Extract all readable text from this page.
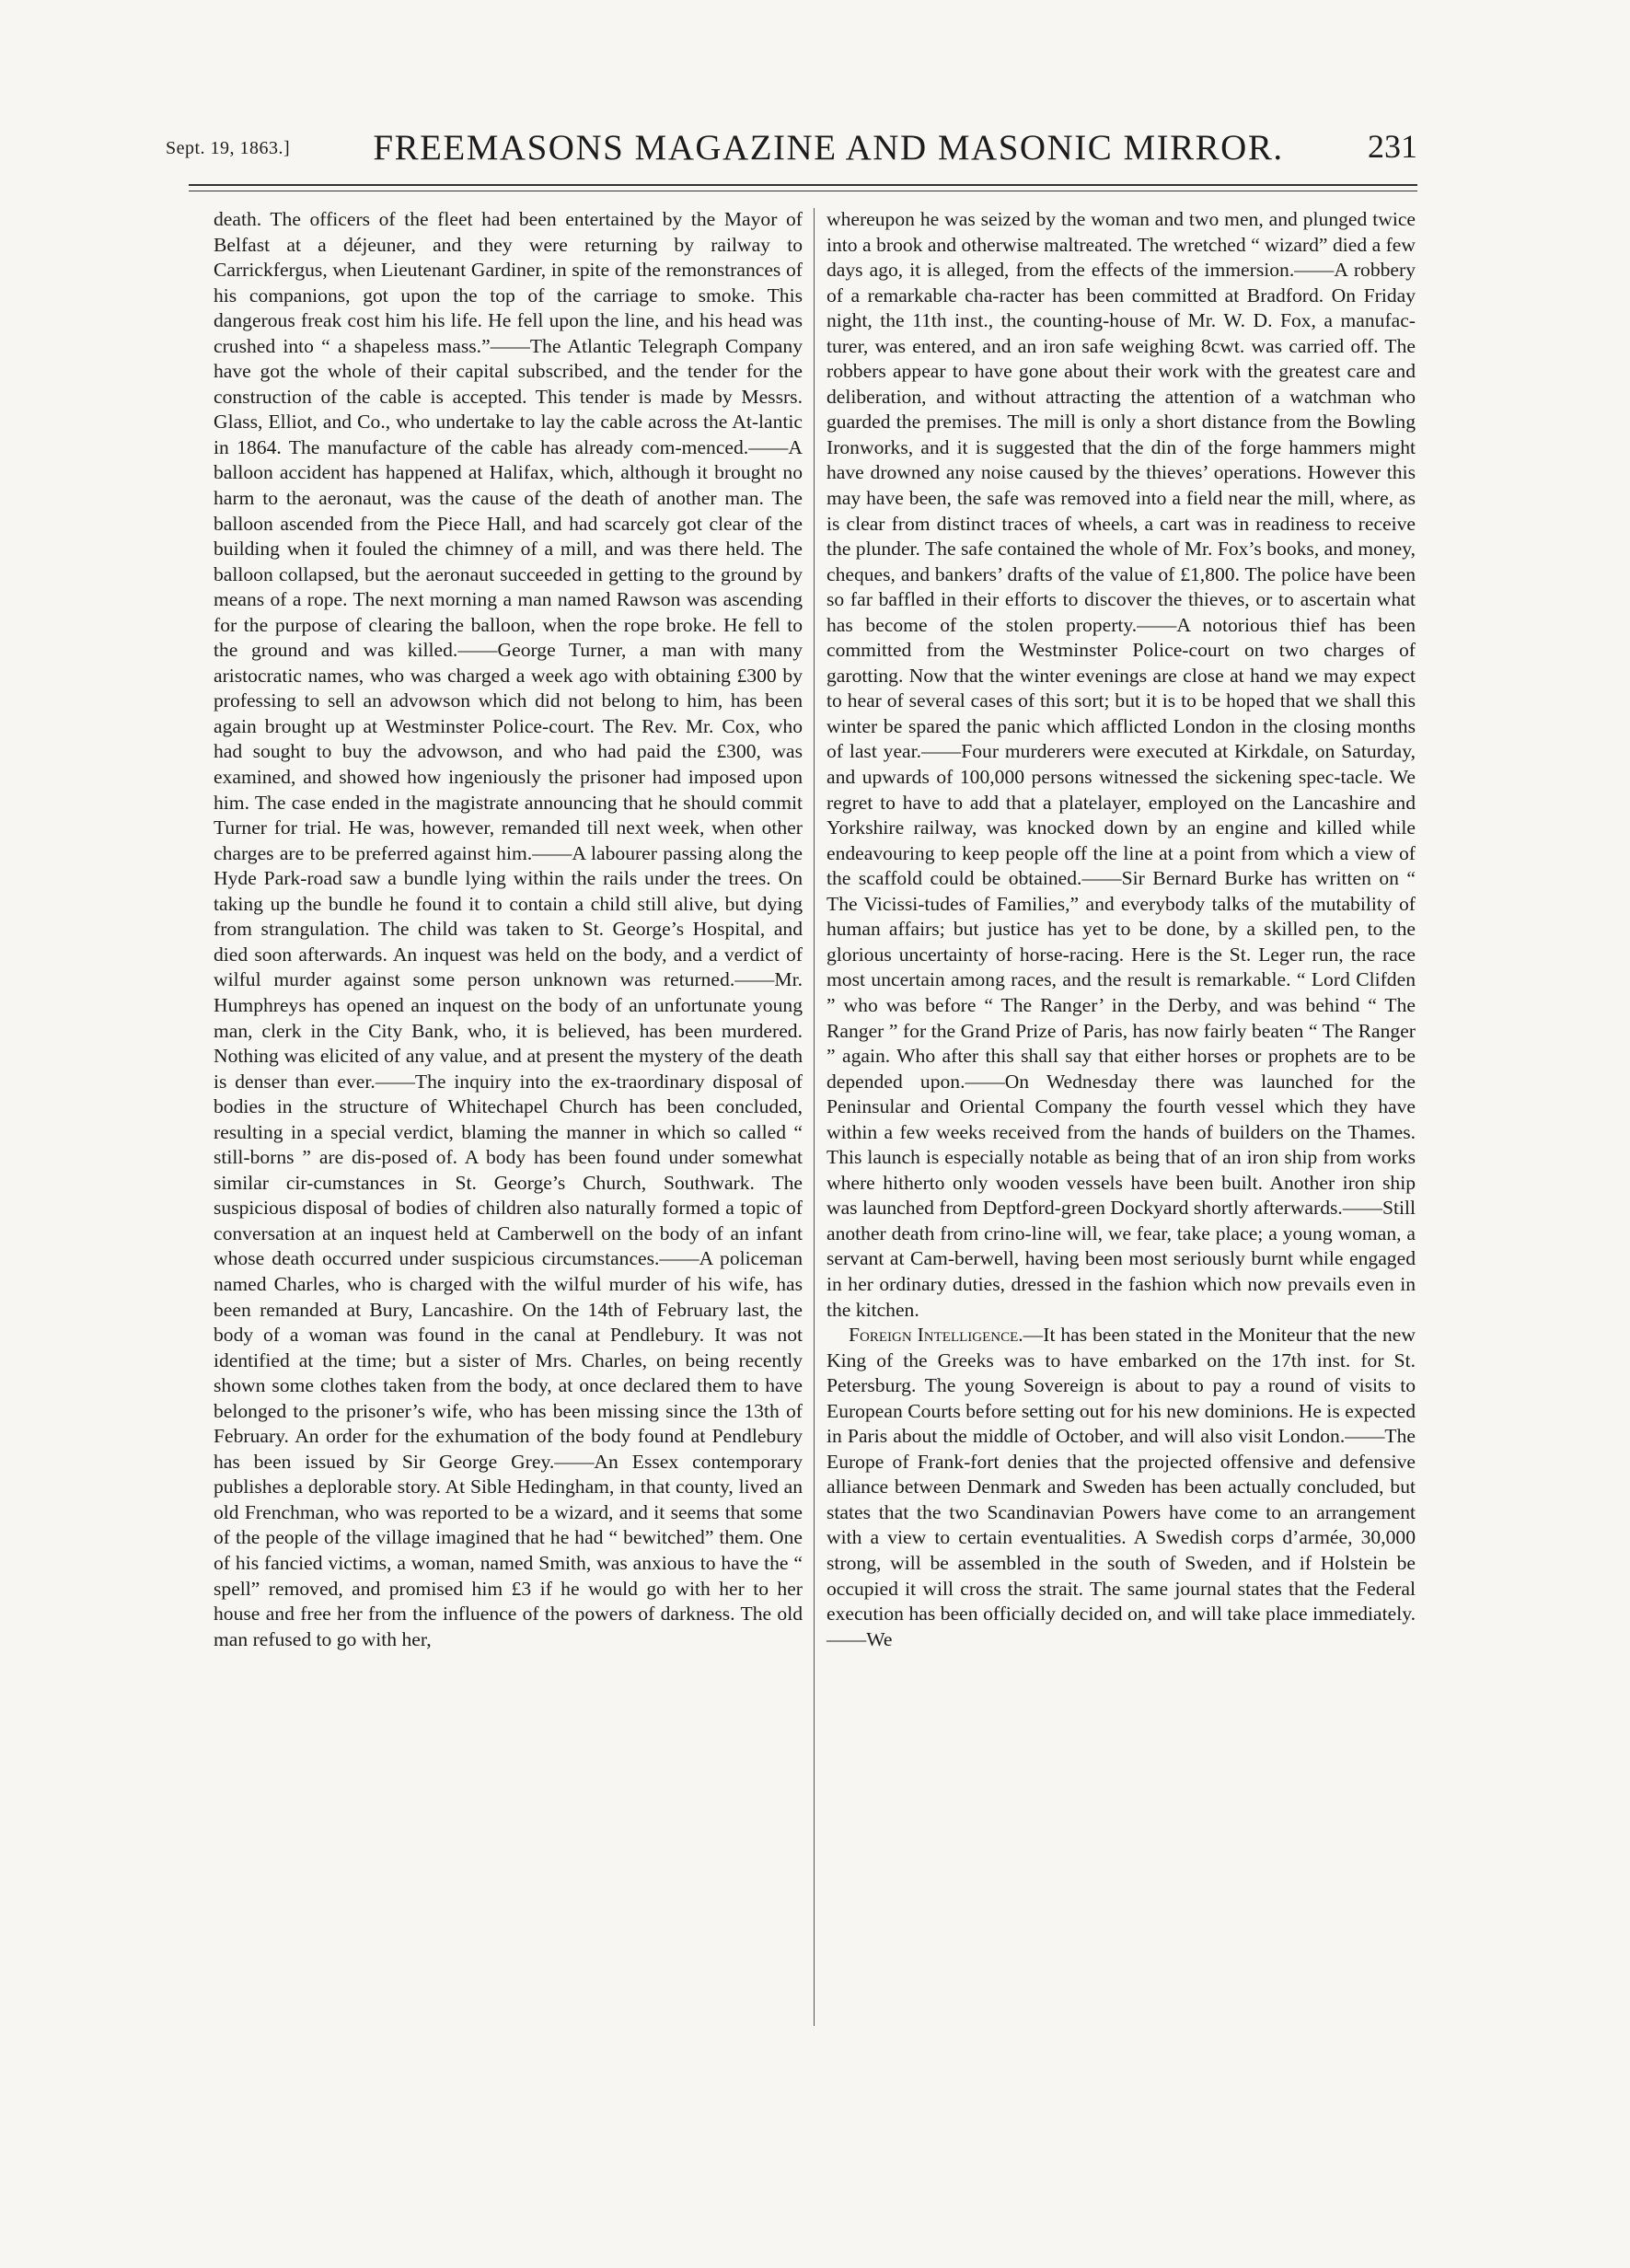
Sept. 19, 1863.]	FREEMASONS MAGAZINE AND MASONIC MIRROR.	231

death. The officers of the fleet had been entertained by the Mayor of Belfast at a déjeuner, and they were returning by railway to Carrickfergus, when Lieutenant Gardiner, in spite of the remonstrances of his companions, got upon the top of the carriage to smoke. This dangerous freak cost him his life. He fell upon the line, and his head was crushed into “ a shapeless mass.”——The Atlantic Telegraph Company have got the whole of their capital subscribed, and the tender for the construction of the cable is accepted. This tender is made by Messrs. Glass, Elliot, and Co., who undertake to lay the cable across the At-lantic in 1864. The manufacture of the cable has already com-menced.——A balloon accident has happened at Halifax, which, although it brought no harm to the aeronaut, was the cause of the death of another man. The balloon ascended from the Piece Hall, and had scarcely got clear of the building when it fouled the chimney of a mill, and was there held. The balloon collapsed, but the aeronaut succeeded in getting to the ground by means of a rope. The next morning a man named Rawson was ascending for the purpose of clearing the balloon, when the rope broke. He fell to the ground and was killed.——George Turner, a man with many aristocratic names, who was charged a week ago with obtaining £300 by professing to sell an advowson which did not belong to him, has been again brought up at Westminster Police-court. The Rev. Mr. Cox, who had sought to buy the advowson, and who had paid the £300, was examined, and showed how ingeniously the prisoner had imposed upon him. The case ended in the magistrate announcing that he should commit Turner for trial. He was, however, remanded till next week, when other charges are to be preferred against him.——A labourer passing along the Hyde Park-road saw a bundle lying within the rails under the trees. On taking up the bundle he found it to contain a child still alive, but dying from strangulation. The child was taken to St. George’s Hospital, and died soon afterwards. An inquest was held on the body, and a verdict of wilful murder against some person unknown was returned.——Mr. Humphreys has opened an inquest on the body of an unfortunate young man, clerk in the City Bank, who, it is believed, has been murdered. Nothing was elicited of any value, and at present the mystery of the death is denser than ever.——The inquiry into the ex-traordinary disposal of bodies in the structure of Whitechapel Church has been concluded, resulting in a special verdict, blaming the manner in which so called “ still-borns ” are dis-posed of. A body has been found under somewhat similar cir-cumstances in St. George’s Church, Southwark. The suspicious disposal of bodies of children also naturally formed a topic of conversation at an inquest held at Camberwell on the body of an infant whose death occurred under suspicious circumstances.——A policeman named Charles, who is charged with the wilful murder of his wife, has been remanded at Bury, Lancashire. On the 14th of February last, the body of a woman was found in the canal at Pendlebury. It was not identified at the time; but a sister of Mrs. Charles, on being recently shown some clothes taken from the body, at once declared them to have belonged to the prisoner’s wife, who has been missing since the 13th of February. An order for the exhumation of the body found at Pendlebury has been issued by Sir George Grey.——An Essex contemporary publishes a deplorable story. At Sible Hedingham, in that county, lived an old Frenchman, who was reported to be a wizard, and it seems that some of the people of the village imagined that he had “ bewitched” them. One of his fancied victims, a woman, named Smith, was anxious to have the “ spell” removed, and promised him £3 if he would go with her to her house and free her from the influence of the powers of darkness. The old man refused to go with her,

whereupon he was seized by the woman and two men, and plunged twice into a brook and otherwise maltreated. The wretched “ wizard” died a few days ago, it is alleged, from the effects of the immersion.——A robbery of a remarkable cha-racter has been committed at Bradford. On Friday night, the 11th inst., the counting-house of Mr. W. D. Fox, a manufac-turer, was entered, and an iron safe weighing 8cwt. was carried off. The robbers appear to have gone about their work with the greatest care and deliberation, and without attracting the attention of a watchman who guarded the premises. The mill is only a short distance from the Bowling Ironworks, and it is suggested that the din of the forge hammers might have drowned any noise caused by the thieves’ operations. However this may have been, the safe was removed into a field near the mill, where, as is clear from distinct traces of wheels, a cart was in readiness to receive the plunder. The safe contained the whole of Mr. Fox’s books, and money, cheques, and bankers’ drafts of the value of £1,800. The police have been so far baffled in their efforts to discover the thieves, or to ascertain what has become of the stolen property.——A notorious thief has been committed from the Westminster Police-court on two charges of garotting. Now that the winter evenings are close at hand we may expect to hear of several cases of this sort; but it is to be hoped that we shall this winter be spared the panic which afflicted London in the closing months of last year.——Four murderers were executed at Kirkdale, on Saturday, and upwards of 100,000 persons witnessed the sickening spec-tacle. We regret to have to add that a platelayer, employed on the Lancashire and Yorkshire railway, was knocked down by an engine and killed while endeavouring to keep people off the line at a point from which a view of the scaffold could be obtained.——Sir Bernard Burke has written on “ The Vicissi-tudes of Families,” and everybody talks of the mutability of human affairs; but justice has yet to be done, by a skilled pen, to the glorious uncertainty of horse-racing. Here is the St. Leger run, the race most uncertain among races, and the result is remarkable. “ Lord Clifden ” who was before “ The Ranger’ in the Derby, and was behind “ The Ranger ” for the Grand Prize of Paris, has now fairly beaten “ The Ranger ” again. Who after this shall say that either horses or prophets are to be depended upon.——On Wednesday there was launched for the Peninsular and Oriental Company the fourth vessel which they have within a few weeks received from the hands of builders on the Thames. This launch is especially notable as being that of an iron ship from works where hitherto only wooden vessels have been built. Another iron ship was launched from Deptford-green Dockyard shortly afterwards.——Still another death from crino-line will, we fear, take place; a young woman, a servant at Cam-berwell, having been most seriously burnt while engaged in her ordinary duties, dressed in the fashion which now prevails even in the kitchen.

Foreign Intelligence.—It has been stated in the Moniteur that the new King of the Greeks was to have embarked on the 17th inst. for St. Petersburg. The young Sovereign is about to pay a round of visits to European Courts before setting out for his new dominions. He is expected in Paris about the middle of October, and will also visit London.——The Europe of Frank-fort denies that the projected offensive and defensive alliance between Denmark and Sweden has been actually concluded, but states that the two Scandinavian Powers have come to an arrangement with a view to certain eventualities. A Swedish corps d’armée, 30,000 strong, will be assembled in the south of Sweden, and if Holstein be occupied it will cross the strait. The same journal states that the Federal execution has been officially decided on, and will take place immediately.——We
